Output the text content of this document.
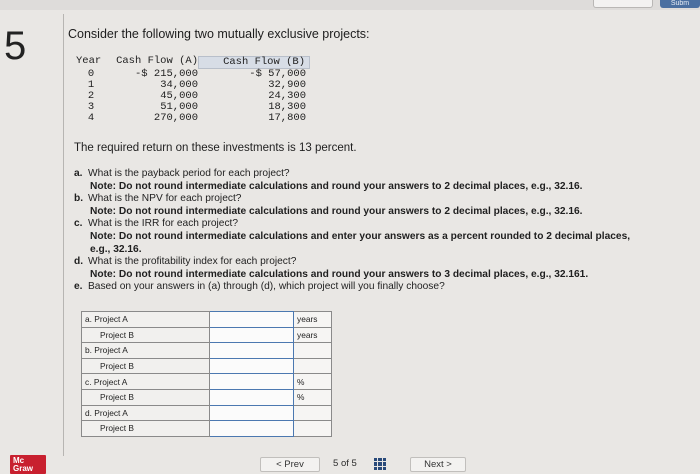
Subm
5	Consider the following two mutually exclusive projects:
Year	Cash Flow (A)	Cash Flow (B)
0	-$ 215,000	-$ 57,000
1	34,000	32,900
2	45,000	24,300
3	51,000	18,300
4	270,000	17,800
The required return on these investments is 13 percent.
a. What is the payback period for each project?
Note: Do not round intermediate calculations and round your answers to 2 decimal places, e.g., 32.16.
b. What is the NPV for each project?
Note: Do not round intermediate calculations and round your answers to 2 decimal places, e.g., 32.16.
c. What is the IRR for each project?
Note: Do not round intermediate calculations and enter your answers as a percent rounded to 2 decimal places, e.g., 32.16.
d. What is the profitability index for each project?
Note: Do not round intermediate calculations and round your answers to 3 decimal places, e.g., 32.161.
e. Based on your answers in (a) through (d), which project will you finally choose?
a. Project A		years
Project B		years
b. Project A		
Project B		
c. Project A		%
Project B		%
d. Project A		
Project B		
Mc
Graw	< Prev	5 of 5	Next >
